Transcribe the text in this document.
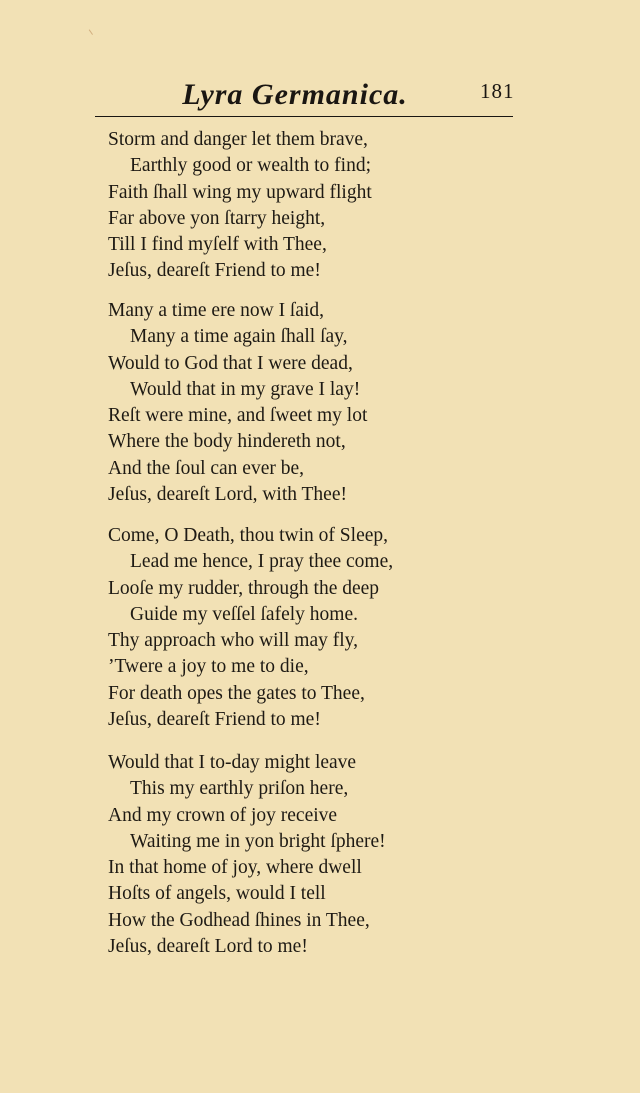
Lyra Germanica.	181
Storm and danger let them brave,
Earthly good or wealth to find;
Faith ſhall wing my upward flight
Far above yon ſtarry height,
Till I find myſelf with Thee,
Jeſus, deareſt Friend to me!
Many a time ere now I ſaid,
Many a time again ſhall ſay,
Would to God that I were dead,
Would that in my grave I lay!
Reſt were mine, and ſweet my lot
Where the body hindereth not,
And the ſoul can ever be,
Jeſus, deareſt Lord, with Thee!
Come, O Death, thou twin of Sleep,
Lead me hence, I pray thee come,
Looſe my rudder, through the deep
Guide my veſſel ſafely home.
Thy approach who will may fly,
’Twere a joy to me to die,
For death opes the gates to Thee,
Jeſus, deareſt Friend to me!
Would that I to-day might leave
This my earthly priſon here,
And my crown of joy receive
Waiting me in yon bright ſphere!
In that home of joy, where dwell
Hoſts of angels, would I tell
How the Godhead ſhines in Thee,
Jeſus, deareſt Lord to me!
